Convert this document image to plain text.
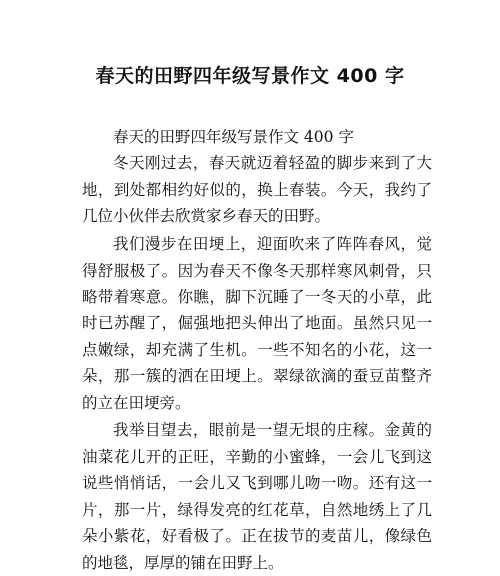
春天的田野四年级写景作文 400 字

春天的田野四年级写景作文 400 字

冬天刚过去，春天就迈着轻盈的脚步来到了大地，到处都相约好似的，换上春装。今天，我约了几位小伙伴去欣赏家乡春天的田野。

我们漫步在田埂上，迎面吹来了阵阵春风，觉得舒服极了。因为春天不像冬天那样寒风刺骨，只略带着寒意。你瞧，脚下沉睡了一冬天的小草，此时已苏醒了，倔强地把头伸出了地面。虽然只见一点嫩绿，却充满了生机。一些不知名的小花，这一朵，那一簇的洒在田埂上。翠绿欲滴的蚕豆苗整齐的立在田埂旁。

我举目望去，眼前是一望无垠的庄稼。金黄的油菜花儿开的正旺，辛勤的小蜜蜂，一会儿飞到这说些悄悄话，一会儿又飞到哪儿吻一吻。还有这一片，那一片，绿得发亮的红花草，自然地绣上了几朵小紫花，好看极了。正在拔节的麦苗儿，像绿色的地毯，厚厚的铺在田野上。
